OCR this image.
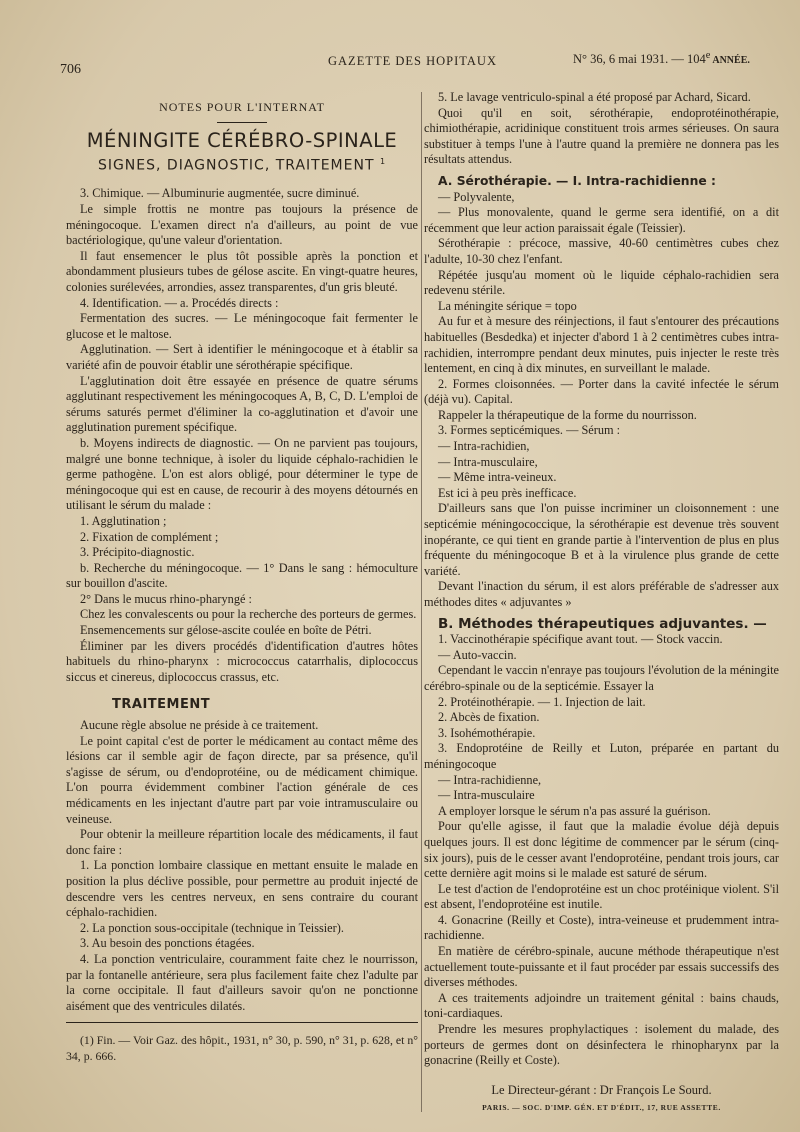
706
GAZETTE DES HOPITAUX	N° 36, 6 mai 1931. — 104e ANNÉE.

NOTES POUR L'INTERNAT

MÉNINGITE CÉRÉBRO-SPINALE
SIGNES, DIAGNOSTIC, TRAITEMENT $^1$

3. Chimique. — Albuminurie augmentée, sucre diminué.

Le simple frottis ne montre pas toujours la présence de méningocoque. L'examen direct n'a d'ailleurs, au point de vue bactériologique, qu'une valeur d'orientation.

Il faut ensemencer le plus tôt possible après la ponction et abondamment plusieurs tubes de gélose ascite. En vingt-quatre heures, colonies surélevées, arrondies, assez transparentes, d'un gris bleuté.

4. Identification. — a. Procédés directs :

Fermentation des sucres. — Le méningocoque fait fermenter le glucose et le maltose.

Agglutination. — Sert à identifier le méningocoque et à établir sa variété afin de pouvoir établir une sérothérapie spécifique.

L'agglutination doit être essayée en présence de quatre sérums agglutinant respectivement les méningocoques A, B, C, D. L'emploi de sérums saturés permet d'éliminer la co-agglutination et d'avoir une agglutination purement spécifique.

b. Moyens indirects de diagnostic. — On ne parvient pas toujours, malgré une bonne technique, à isoler du liquide céphalo-rachidien le germe pathogène. L'on est alors obligé, pour déterminer le type de méningocoque qui est en cause, de recourir à des moyens détournés en utilisant le sérum du malade :

1. Agglutination ;

2. Fixation de complément ;

3. Précipito-diagnostic.

b. Recherche du méningocoque. — 1° Dans le sang : hémoculture sur bouillon d'ascite.

2° Dans le mucus rhino-pharyngé :

Chez les convalescents ou pour la recherche des porteurs de germes.

Ensemencements sur gélose-ascite coulée en boîte de Pétri.

Éliminer par les divers procédés d'identification d'autres hôtes habituels du rhino-pharynx : micrococcus catarrhalis, diplococcus siccus et cinereus, diplococcus crassus, etc.

TRAITEMENT

Aucune règle absolue ne préside à ce traitement.

Le point capital c'est de porter le médicament au contact même des lésions car il semble agir de façon directe, par sa présence, qu'il s'agisse de sérum, ou d'endoprotéine, ou de médicament chimique. L'on pourra évidemment combiner l'action générale de ces médicaments en les injectant d'autre part par voie intramusculaire ou veineuse.

Pour obtenir la meilleure répartition locale des médicaments, il faut donc faire :

1. La ponction lombaire classique en mettant ensuite le malade en position la plus déclive possible, pour permettre au produit injecté de descendre vers les centres nerveux, en sens contraire du courant céphalo-rachidien.

2. La ponction sous-occipitale (technique in Teissier).

3. Au besoin des ponctions étagées.

4. La ponction ventriculaire, couramment faite chez le nourrisson, par la fontanelle antérieure, sera plus facilement faite chez l'adulte par la corne occipitale. Il faut d'ailleurs savoir qu'on ne ponctionne aisément que des ventricules dilatés.

(1) Fin. — Voir Gaz. des hôpit., 1931, n° 30, p. 590, n° 31, p. 628, et n° 34, p. 666.

5. Le lavage ventriculo-spinal a été proposé par Achard, Sicard.

Quoi qu'il en soit, sérothérapie, endoprotéinothérapie, chimiothérapie, acridinique constituent trois armes sérieuses. On saura substituer à temps l'une à l'autre quand la première ne donnera pas les résultats attendus.

A. Sérothérapie. — I. Intra-rachidienne :

— Polyvalente,

— Plus monovalente, quand le germe sera identifié, on a dit récemment que leur action paraissait égale (Teissier).

Sérothérapie : précoce, massive, 40-60 centimètres cubes chez l'adulte, 10-30 chez l'enfant.

Répétée jusqu'au moment où le liquide céphalo-rachidien sera redevenu stérile.

La méningite sérique = topo

Au fur et à mesure des réinjections, il faut s'entourer des précautions habituelles (Besdedka) et injecter d'abord 1 à 2 centimètres cubes intra-rachidien, interrompre pendant deux minutes, puis injecter le reste très lentement, en cinq à dix minutes, en surveillant le malade.

2. Formes cloisonnées. — Porter dans la cavité infectée le sérum (déjà vu). Capital.

Rappeler la thérapeutique de la forme du nourrisson.

3. Formes septicémiques. — Sérum :

— Intra-rachidien,

— Intra-musculaire,

— Même intra-veineux.

Est ici à peu près inefficace.

D'ailleurs sans que l'on puisse incriminer un cloisonnement : une septicémie méningococcique, la sérothérapie est devenue très souvent inopérante, ce qui tient en grande partie à l'intervention de plus en plus fréquente du méningocoque B et à la virulence plus grande de cette variété.

Devant l'inaction du sérum, il est alors préférable de s'adresser aux méthodes dites « adjuvantes »

B. Méthodes thérapeutiques adjuvantes. —

1. Vaccinothérapie spécifique avant tout. — Stock vaccin.

— Auto-vaccin.

Cependant le vaccin n'enraye pas toujours l'évolution de la méningite cérébro-spinale ou de la septicémie. Essayer la

2. Protéinothérapie. — 1. Injection de lait.

2. Abcès de fixation.

3. Isohémothérapie.

3. Endoprotéine de Reilly et Luton, préparée en partant du méningocoque

— Intra-rachidienne,

— Intra-musculaire

A employer lorsque le sérum n'a pas assuré la guérison.

Pour qu'elle agisse, il faut que la maladie évolue déjà depuis quelques jours. Il est donc légitime de commencer par le sérum (cinq-six jours), puis de le cesser avant l'endoprotéine, pendant trois jours, car cette dernière agit moins si le malade est saturé de sérum.

Le test d'action de l'endoprotéine est un choc protéinique violent. S'il est absent, l'endoprotéine est inutile.

4. Gonacrine (Reilly et Coste), intra-veineuse et prudemment intra-rachidienne.

En matière de cérébro-spinale, aucune méthode thérapeutique n'est actuellement toute-puissante et il faut procéder par essais successifs des diverses méthodes.

A ces traitements adjoindre un traitement génital : bains chauds, toni-cardiaques.

Prendre les mesures prophylactiques : isolement du malade, des porteurs de germes dont on désinfectera le rhinopharynx par la gonacrine (Reilly et Coste).

Le Directeur-gérant : Dr François Le Sourd.
PARIS. — SOC. D'IMP. GÉN. ET D'ÉDIT., 17, RUE ASSETTE.
